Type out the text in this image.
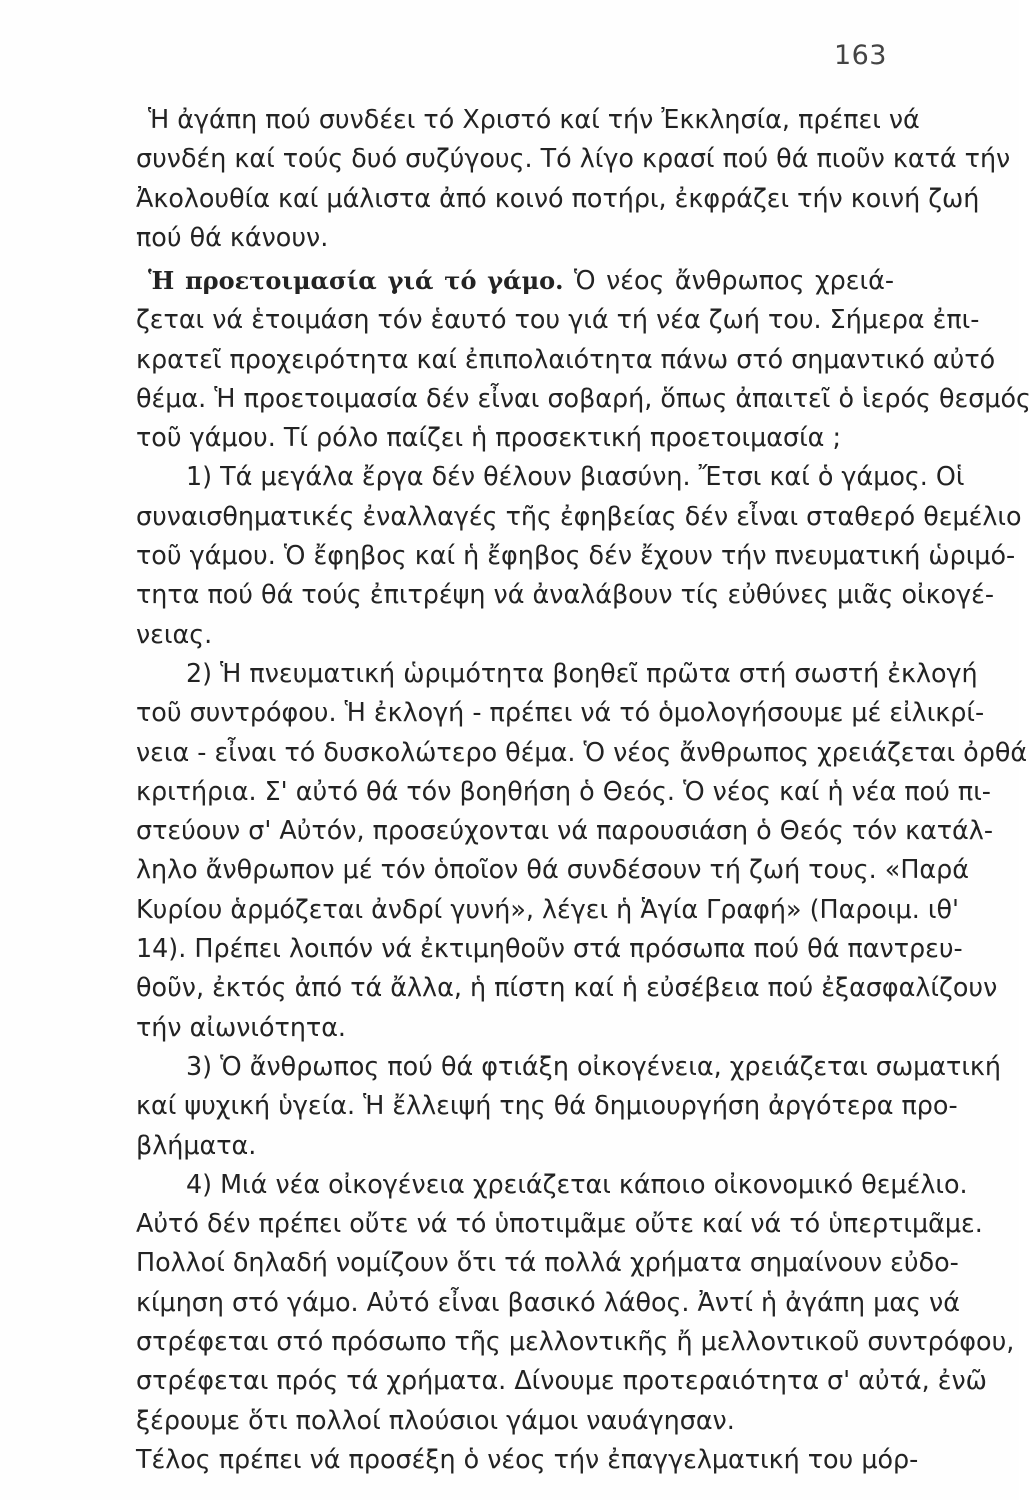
163
Ἡ ἀγάπη πού συνδέει τό Χριστό καί τήν Ἐκκλησία, πρέπει νά
συνδέη καί τούς δυό συζύγους. Τό λίγο κρασί πού θά πιοῦν κατά τήν
Ἀκολουθία καί μάλιστα ἀπό κοινό ποτήρι, ἐκφράζει τήν κοινή ζωή
πού θά κάνουν.
Ἡ προετοιμασία γιά τό γάμο. Ὁ νέος ἄνθρωπος χρειά-
ζεται νά ἑτοιμάση τόν ἑαυτό του γιά τή νέα ζωή του. Σήμερα ἐπι-
κρατεῖ προχειρότητα καί ἐπιπολαιότητα πάνω στό σημαντικό αὐτό
θέμα. Ἡ προετοιμασία δέν εἶναι σοβαρή, ὅπως ἀπαιτεῖ ὁ ἱερός θεσμός
τοῦ γάμου. Τί ρόλο παίζει ἡ προσεκτική προετοιμασία ;
1) Τά μεγάλα ἔργα δέν θέλουν βιασύνη. Ἔτσι καί ὁ γάμος. Οἱ
συναισθηματικές ἐναλλαγές τῆς ἐφηβείας δέν εἶναι σταθερό θεμέλιο
τοῦ γάμου. Ὁ ἔφηβος καί ἡ ἔφηβος δέν ἔχουν τήν πνευματική ὡριμό-
τητα πού θά τούς ἐπιτρέψη νά ἀναλάβουν τίς εὐθύνες μιᾶς οἰκογέ-
νειας.
2) Ἡ πνευματική ὡριμότητα βοηθεῖ πρῶτα στή σωστή ἐκλογή
τοῦ συντρόφου. Ἡ ἐκλογή - πρέπει νά τό ὁμολογήσουμε μέ εἰλικρί-
νεια - εἶναι τό δυσκολώτερο θέμα. Ὁ νέος ἄνθρωπος χρειάζεται ὀρθά
κριτήρια. Σ' αὐτό θά τόν βοηθήση ὁ Θεός. Ὁ νέος καί ἡ νέα πού πι-
στεύουν σ' Αὐτόν, προσεύχονται νά παρουσιάση ὁ Θεός τόν κατάλ-
ληλο ἄνθρωπον μέ τόν ὁποῖον θά συνδέσουν τή ζωή τους. «Παρά
Κυρίου ἁρμόζεται ἀνδρί γυνή», λέγει ἡ Ἁγία Γραφή» (Παροιμ. ιθ'
14). Πρέπει λοιπόν νά ἐκτιμηθοῦν στά πρόσωπα πού θά παντρευ-
θοῦν, ἐκτός ἀπό τά ἄλλα, ἡ πίστη καί ἡ εὐσέβεια πού ἐξασφαλίζουν
τήν αἰωνιότητα.
3) Ὁ ἄνθρωπος πού θά φτιάξη οἰκογένεια, χρειάζεται σωματική
καί ψυχική ὑγεία. Ἡ ἔλλειψή της θά δημιουργήση ἀργότερα προ-
βλήματα.
4) Μιά νέα οἰκογένεια χρειάζεται κάποιο οἰκονομικό θεμέλιο.
Αὐτό δέν πρέπει οὔτε νά τό ὑποτιμᾶμε οὔτε καί νά τό ὑπερτιμᾶμε.
Πολλοί δηλαδή νομίζουν ὅτι τά πολλά χρήματα σημαίνουν εὐδο-
κίμηση στό γάμο. Αὐτό εἶναι βασικό λάθος. Ἀντί ἡ ἀγάπη μας νά
στρέφεται στό πρόσωπο τῆς μελλοντικῆς ἤ μελλοντικοῦ συντρόφου,
στρέφεται πρός τά χρήματα. Δίνουμε προτεραιότητα σ' αὐτά, ἐνῶ
ξέρουμε ὅτι πολλοί πλούσιοι γάμοι ναυάγησαν.
Τέλος πρέπει νά προσέξη ὁ νέος τήν ἐπαγγελματική του μόρ-
